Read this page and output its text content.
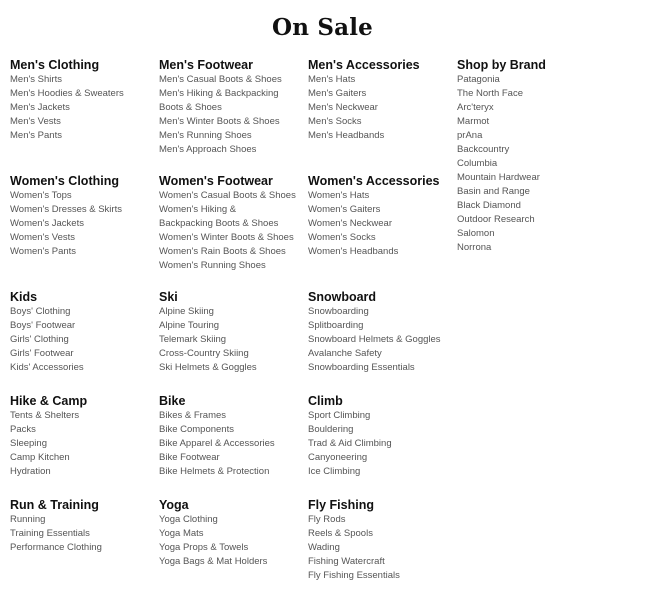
On Sale
Men's Clothing
Men's Shirts
Men's Hoodies & Sweaters
Men's Jackets
Men's Vests
Men's Pants
Men's Footwear
Men's Casual Boots & Shoes
Men's Hiking & Backpacking Boots & Shoes
Men's Winter Boots & Shoes
Men's Running Shoes
Men's Approach Shoes
Men's Accessories
Men's Hats
Men's Gaiters
Men's Neckwear
Men's Socks
Men's Headbands
Shop by Brand
Patagonia
The North Face
Arc'teryx
Marmot
prAna
Backcountry
Columbia
Mountain Hardwear
Basin and Range
Black Diamond
Outdoor Research
Salomon
Norrona
Women's Clothing
Women's Tops
Women's Dresses & Skirts
Women's Jackets
Women's Vests
Women's Pants
Women's Footwear
Women's Casual Boots & Shoes
Women's Hiking & Backpacking Boots & Shoes
Women's Winter Boots & Shoes
Women's Rain Boots & Shoes
Women's Running Shoes
Women's Accessories
Women's Hats
Women's Gaiters
Women's Neckwear
Women's Socks
Women's Headbands
Kids
Boys' Clothing
Boys' Footwear
Girls' Clothing
Girls' Footwear
Kids' Accessories
Ski
Alpine Skiing
Alpine Touring
Telemark Skiing
Cross-Country Skiing
Ski Helmets & Goggles
Snowboard
Snowboarding
Splitboarding
Snowboard Helmets & Goggles
Avalanche Safety
Snowboarding Essentials
Hike & Camp
Tents & Shelters
Packs
Sleeping
Camp Kitchen
Hydration
Bike
Bikes & Frames
Bike Components
Bike Apparel & Accessories
Bike Footwear
Bike Helmets & Protection
Climb
Sport Climbing
Bouldering
Trad & Aid Climbing
Canyoneering
Ice Climbing
Run & Training
Running
Training Essentials
Performance Clothing
Yoga
Yoga Clothing
Yoga Mats
Yoga Props & Towels
Yoga Bags & Mat Holders
Fly Fishing
Fly Rods
Reels & Spools
Wading
Fishing Watercraft
Fly Fishing Essentials
